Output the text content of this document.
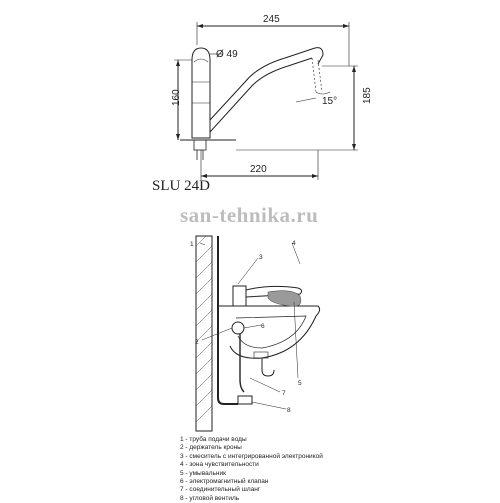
245
Ø 49
160	185
15°
220
1
2
3
4
5
6
7
8
SLU 24D
san-tehnika.ru
1 - труба подачи воды
2 - держатель кроны
3 - смеситель с интегрированной электроникой
4 - зона чувствительности
5 - умывальник
6 - электромагнитный клапан
7 - соединительный шланг
8 - угловой вентиль
